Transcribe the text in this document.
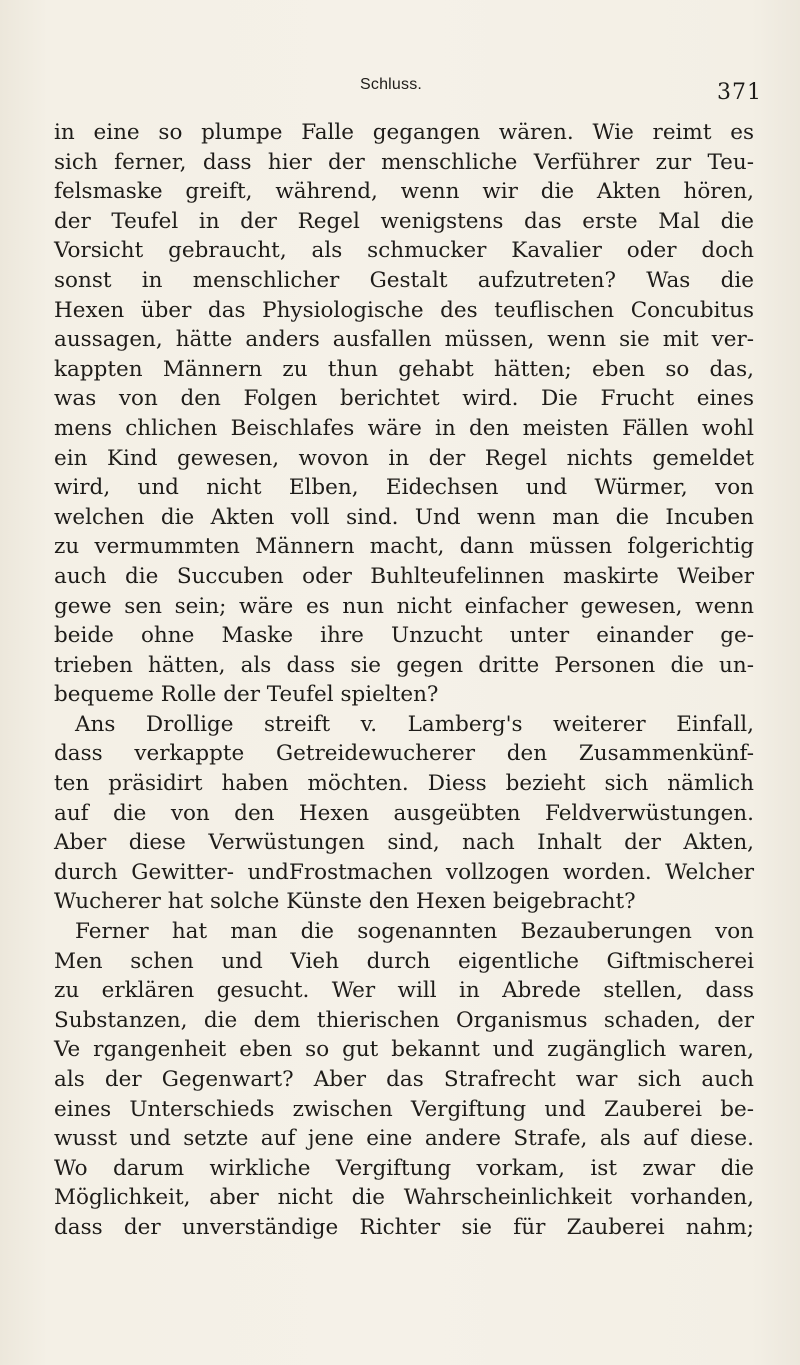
Schluss.	371
in eine so plumpe Falle gegangen wären. Wie reimt es
sich ferner, dass hier der menschliche Verführer zur Teu-
felsmaske greift, während, wenn wir die Akten hören,
der Teufel in der Regel wenigstens das erste Mal die
Vorsicht gebraucht, als schmucker Kavalier oder doch
sonst in menschlicher Gestalt aufzutreten? Was die
Hexen über das Physiologische des teuflischen Concubitus
aussagen, hätte anders ausfallen müssen, wenn sie mit ver-
kappten Männern zu thun gehabt hätten; eben so das,
was von den Folgen berichtet wird. Die Frucht eines
mens chlichen Beischlafes wäre in den meisten Fällen wohl
ein Kind gewesen, wovon in der Regel nichts gemeldet
wird, und nicht Elben, Eidechsen und Würmer, von
welchen die Akten voll sind. Und wenn man die Incuben
zu vermummten Männern macht, dann müssen folgerichtig
auch die Succuben oder Buhlteufelinnen maskirte Weiber
gewe sen sein; wäre es nun nicht einfacher gewesen, wenn
beide ohne Maske ihre Unzucht unter einander ge-
trieben hätten, als dass sie gegen dritte Personen die un-
bequeme Rolle der Teufel spielten?
Ans Drollige streift v. Lamberg's weiterer Einfall,
dass verkappte Getreidewucherer den Zusammenkünf-
ten präsidirt haben möchten. Diess bezieht sich nämlich
auf die von den Hexen ausgeübten Feldverwüstungen.
Aber diese Verwüstungen sind, nach Inhalt der Akten,
durch Gewitter- undFrostmachen vollzogen worden. Welcher
Wucherer hat solche Künste den Hexen beigebracht?
Ferner hat man die sogenannten Bezauberungen von
Men schen und Vieh durch eigentliche Giftmischerei
zu erklären gesucht. Wer will in Abrede stellen, dass
Substanzen, die dem thierischen Organismus schaden, der
Ve rgangenheit eben so gut bekannt und zugänglich waren,
als der Gegenwart? Aber das Strafrecht war sich auch
eines Unterschieds zwischen Vergiftung und Zauberei be-
wusst und setzte auf jene eine andere Strafe, als auf diese.
Wo darum wirkliche Vergiftung vorkam, ist zwar die
Möglichkeit, aber nicht die Wahrscheinlichkeit vorhanden,
dass der unverständige Richter sie für Zauberei nahm;
